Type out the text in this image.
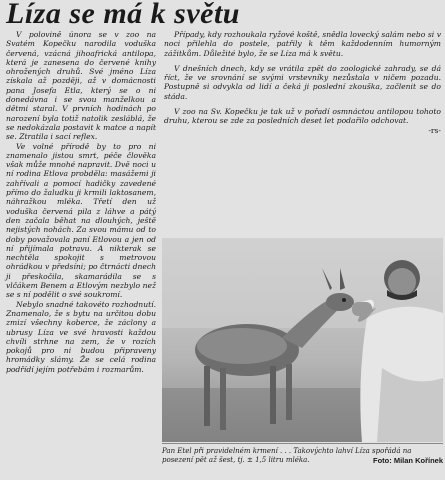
Líza se má k světu

V polovině února se v zoo na Svatém Kopečku narodila voduška červená, vzácná jihoafrická antilopa, která je zanesena do červené knihy ohrožených druhů. Své jméno Líza získala až později, až v domácnosti pana Josefa Etla, který se o ni donedávna i se svou manželkou a dětmi staral. V prvních hodinách po narození byla totiž natolik zesláblá, že se nedokázala postavit k matce a napít se. Ztratila i sací reflex.

Ve volné přírodě by to pro ni znamenalo jistou smrt, péče člověka však může mnohé napravit. Dvě noci u ní rodina Etlova probděla: masážemi ji zahřívali a pomocí hadičky zavedené přímo do žaludku ji krmili laktosanem, náhražkou mléka. Třetí den už voduška červená pila z láhve a pátý den začala běhat na dlouhých, ještě nejistých nohách. Za svou mámu od to doby považovala paní Etlovou a jen od ní přijímala potravu. A nikterak se nechtěla spokojit s metrovou ohrádkou v předsíni; po čtrnácti dnech ji přeskočila, skamarádila se s vlčákem Benem a Etlovým nezbylo než se s ní podělit o své soukromí.

Nebylo snadné takovéto rozhodnutí. Znamenalo, že s bytu na určitou dobu zmizí všechny koberce, že záclony a ubrusy Líza ve své hravosti každou chvíli strhne na zem, že v rozích pokojů pro ni budou připraveny hromádky slámy. Že se celá rodina podřídí jejím potřebám i rozmarům.

Případy, kdy rozhoukala ryžové koště, snědla lovecký salám nebo si v noci přilehla do postele, patřily k těm každodenním humorným zážitkům. Důležité bylo, že se Líza má k světu.

V dnešních dnech, kdy se vrátila zpět do zoologické zahrady, se dá říct, že ve srovnání se svými vrstevníky nezůstala v ničem pozadu. Postupně si odvykla od lidí a čeká ji poslední zkouška, začlenit se do stáda.

V zoo na Sv. Kopečku je tak už v pořadí osmnáctou antilopou tohoto druhu, kterou se zde za posledních deset let podařilo odchovat.

-rs-
Pan Etel při pravidelném krmení . . . Takovýchto lahví Líza spořádá na posezení pět až šest, tj. ± 1,5 litru mléka.	Foto: Milan Kořínek
